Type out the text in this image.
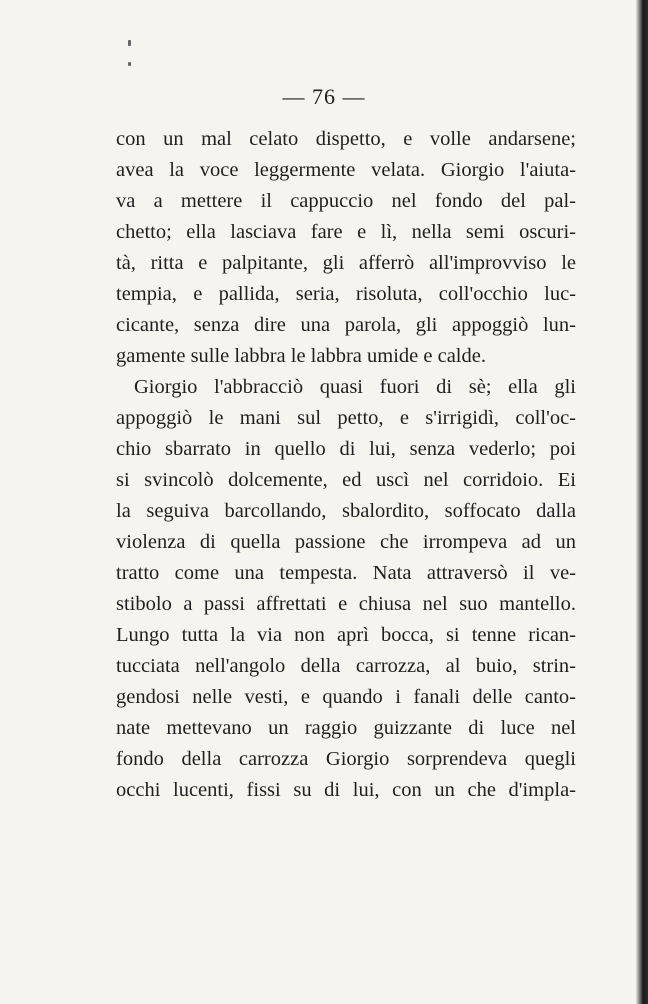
— 76 —
con un mal celato dispetto, e volle andarsene;
avea la voce leggermente velata. Giorgio l'aiuta-
va a mettere il cappuccio nel fondo del pal-
chetto; ella lasciava fare e lì, nella semi oscuri-
tà, ritta e palpitante, gli afferrò all'improvviso le
tempia, e pallida, seria, risoluta, coll'occhio luc-
cicante, senza dire una parola, gli appoggiò lun-
gamente sulle labbra le labbra umide e calde.
Giorgio l'abbracciò quasi fuori di sè; ella gli
appoggiò le mani sul petto, e s'irrigidì, coll'oc-
chio sbarrato in quello di lui, senza vederlo; poi
si svincolò dolcemente, ed uscì nel corridoio. Ei
la seguiva barcollando, sbalordito, soffocato dalla
violenza di quella passione che irrompeva ad un
tratto come una tempesta. Nata attraversò il ve-
stibolo a passi affrettati e chiusa nel suo mantello.
Lungo tutta la via non aprì bocca, si tenne rican-
tucciata nell'angolo della carrozza, al buio, strin-
gendosi nelle vesti, e quando i fanali delle canto-
nate mettevano un raggio guizzante di luce nel
fondo della carrozza Giorgio sorprendeva quegli
occhi lucenti, fissi su di lui, con un che d'impla-
